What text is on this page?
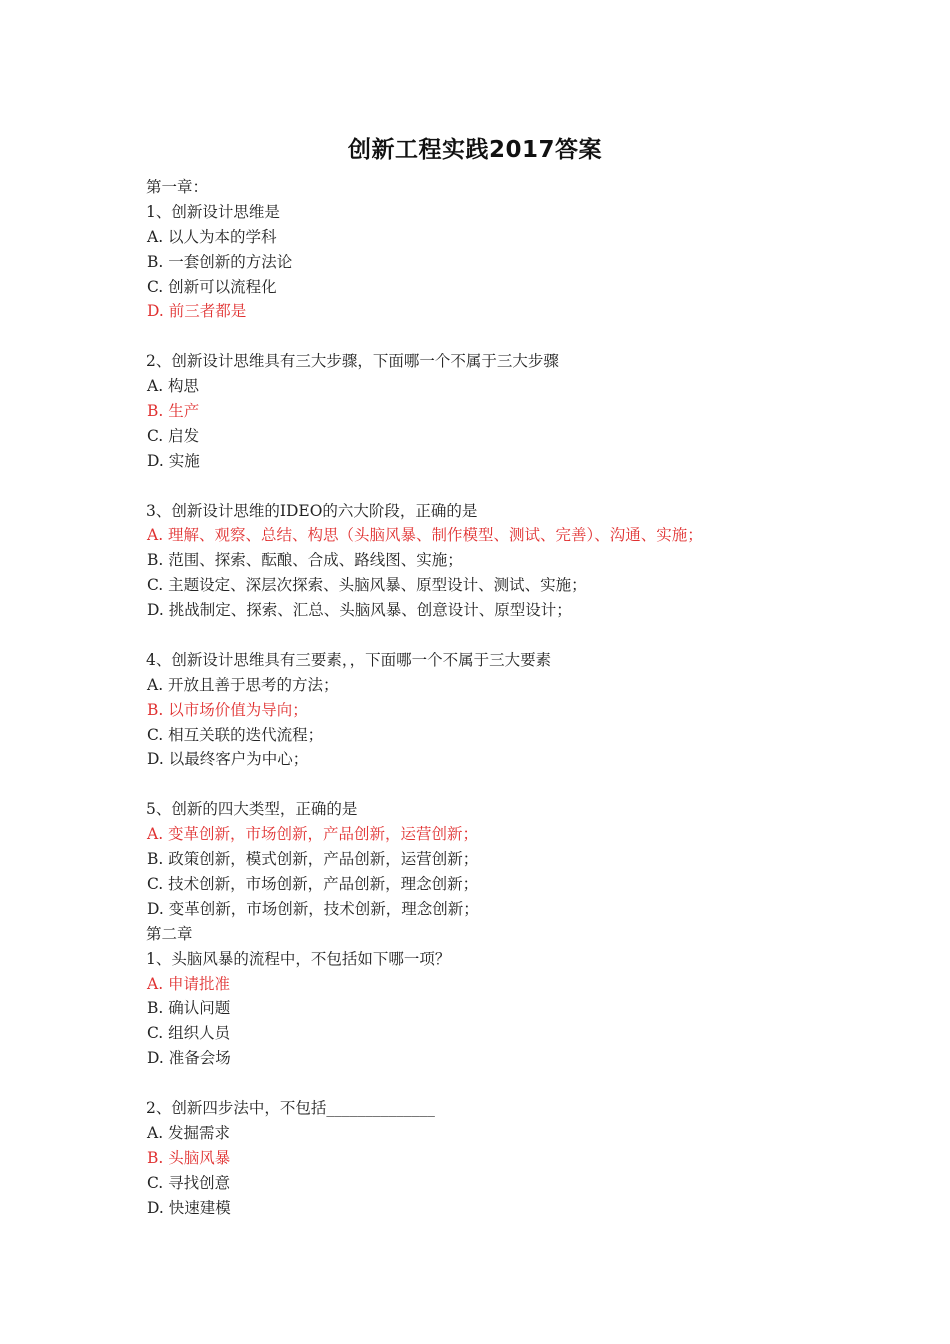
创新工程实践2017答案
第一章：
1、创新设计思维是
A. 以人为本的学科
B. 一套创新的方法论
C. 创新可以流程化
D. 前三者都是
2、创新设计思维具有三大步骤，下面哪一个不属于三大步骤
A. 构思
B. 生产
C. 启发
D. 实施
3、创新设计思维的IDEO的六大阶段，正确的是
A. 理解、观察、总结、构思（头脑风暴、制作模型、测试、完善）、沟通、实施；
B. 范围、探索、酝酿、合成、路线图、实施；
C. 主题设定、深层次探索、头脑风暴、原型设计、测试、实施；
D. 挑战制定、探索、汇总、头脑风暴、创意设计、原型设计；
4、创新设计思维具有三要素，，下面哪一个不属于三大要素
A. 开放且善于思考的方法；
B. 以市场价值为导向；
C. 相互关联的迭代流程；
D. 以最终客户为中心；
5、创新的四大类型，正确的是
A. 变革创新，市场创新，产品创新，运营创新；
B. 政策创新，模式创新，产品创新，运营创新；
C. 技术创新，市场创新，产品创新，理念创新；
D. 变革创新，市场创新，技术创新，理念创新；
第二章
1、头脑风暴的流程中，不包括如下哪一项？
A. 申请批准
B. 确认问题
C. 组织人员
D. 准备会场
2、创新四步法中，不包括______________
A. 发掘需求
B. 头脑风暴
C. 寻找创意
D. 快速建模
